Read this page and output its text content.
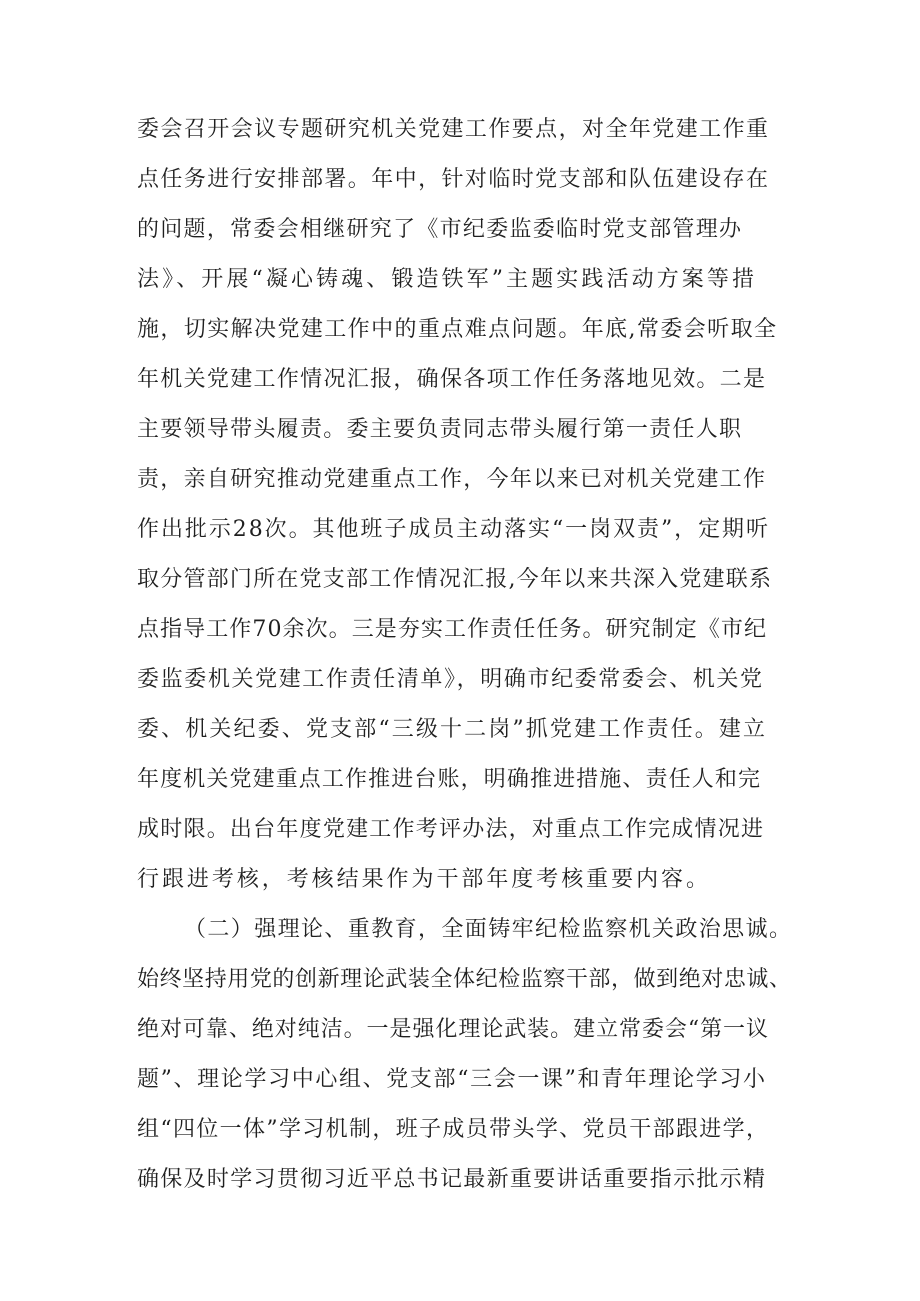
委会召开会议专题研究机关党建工作要点，对全年党建工作重
点任务进行安排部署。年中，针对临时党支部和队伍建设存在
的问题，常委会相继研究了《市纪委监委临时党支部管理办
法》、开展“凝心铸魂、锻造铁军”主题实践活动方案等措
施，切实解决党建工作中的重点难点问题。年底,常委会听取全
年机关党建工作情况汇报，确保各项工作任务落地见效。二是
主要领导带头履责。委主要负责同志带头履行第一责任人职
责，亲自研究推动党建重点工作，今年以来已对机关党建工作
作出批示28次。其他班子成员主动落实“一岗双责”，定期听
取分管部门所在党支部工作情况汇报,今年以来共深入党建联系
点指导工作70余次。三是夯实工作责任任务。研究制定《市纪
委监委机关党建工作责任清单》，明确市纪委常委会、机关党
委、机关纪委、党支部“三级十二岗”抓党建工作责任。建立
年度机关党建重点工作推进台账，明确推进措施、责任人和完
成时限。出台年度党建工作考评办法，对重点工作完成情况进
行跟进考核，考核结果作为干部年度考核重要内容。
（二）强理论、重教育，全面铸牢纪检监察机关政治思诚。
始终坚持用党的创新理论武装全体纪检监察干部，做到绝对忠诚、
绝对可靠、绝对纯洁。一是强化理论武装。建立常委会“第一议
题”、理论学习中心组、党支部“三会一课”和青年理论学习小
组“四位一体”学习机制，班子成员带头学、党员干部跟进学，
确保及时学习贯彻习近平总书记最新重要讲话重要指示批示精
